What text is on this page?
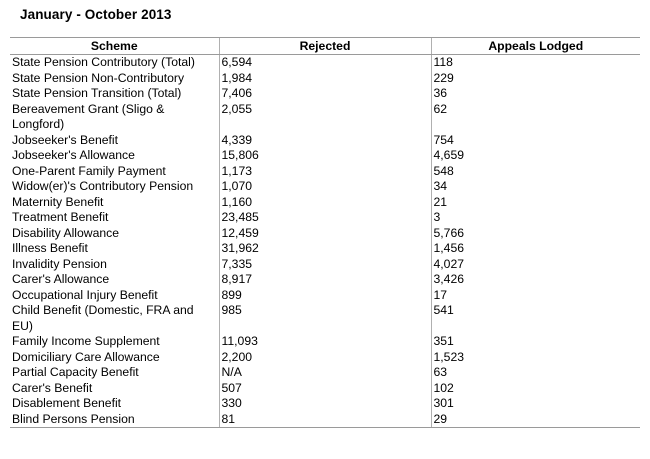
January - October 2013
Scheme	Rejected	Appeals Lodged
State Pension Contributory (Total)	6,594	118
State Pension Non-Contributory	1,984	229
State Pension Transition (Total)	7,406	36
Bereavement Grant (Sligo & Longford)	2,055	62
Jobseeker's Benefit	4,339	754
Jobseeker's Allowance	15,806	4,659
One-Parent Family Payment	1,173	548
Widow(er)'s Contributory Pension	1,070	34
Maternity Benefit	1,160	21
Treatment Benefit	23,485	3
Disability Allowance	12,459	5,766
Illness Benefit	31,962	1,456
Invalidity Pension	7,335	4,027
Carer's Allowance	8,917	3,426
Occupational Injury Benefit	899	17
Child Benefit (Domestic, FRA and EU)	985	541
Family Income Supplement	11,093	351
Domiciliary Care Allowance	2,200	1,523
Partial Capacity Benefit	N/A	63
Carer's Benefit	507	102
Disablement Benefit	330	301
Blind Persons Pension	81	29
